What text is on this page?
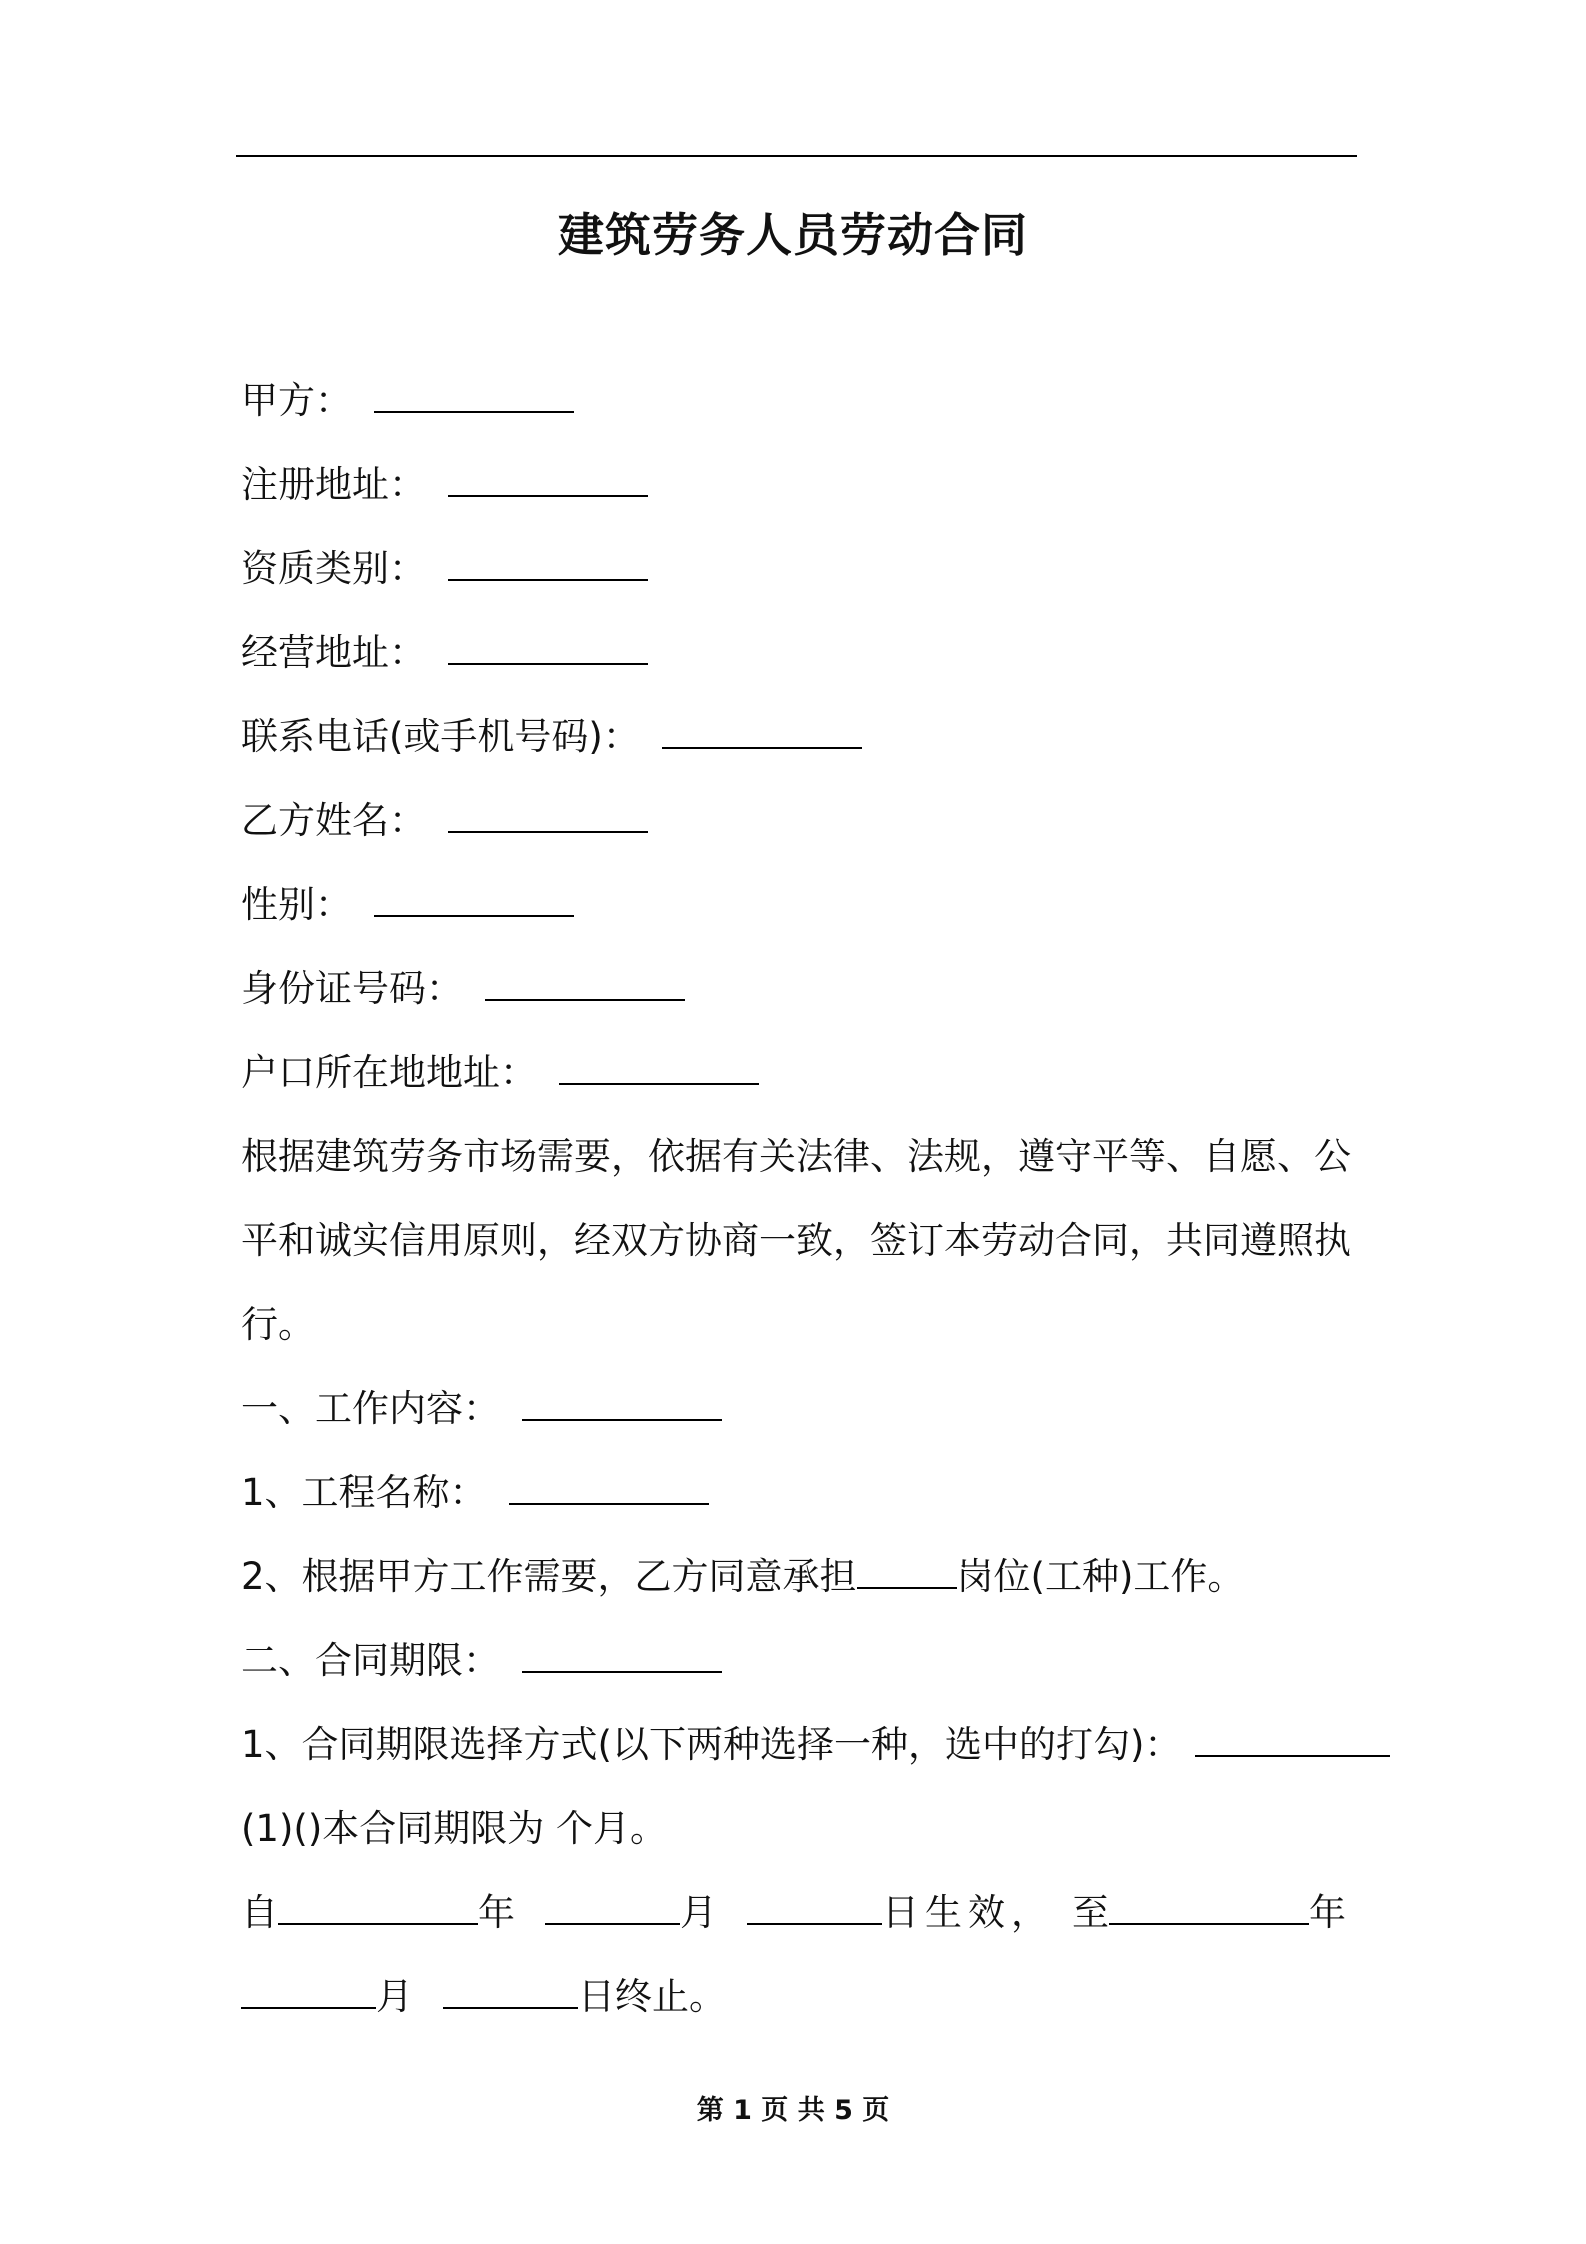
建筑劳务人员劳动合同
甲方：
注册地址：
资质类别：
经营地址：
联系电话(或手机号码)：
乙方姓名：
性别：
身份证号码：
户口所在地地址：
根据建筑劳务市场需要，依据有关法律、法规，遵守平等、自愿、公
平和诚实信用原则，经双方协商一致，签订本劳动合同，共同遵照执
行。
一、工作内容：
1、工程名称：
2、根据甲方工作需要，乙方同意承担	岗位(工种)工作。
二、合同期限：
1、合同期限选择方式(以下两种选择一种，选中的打勾)：
(1)()本合同期限为 个月。
自	年	月	日生效， 至	年
月	日终止。
第 1 页 共 5 页
